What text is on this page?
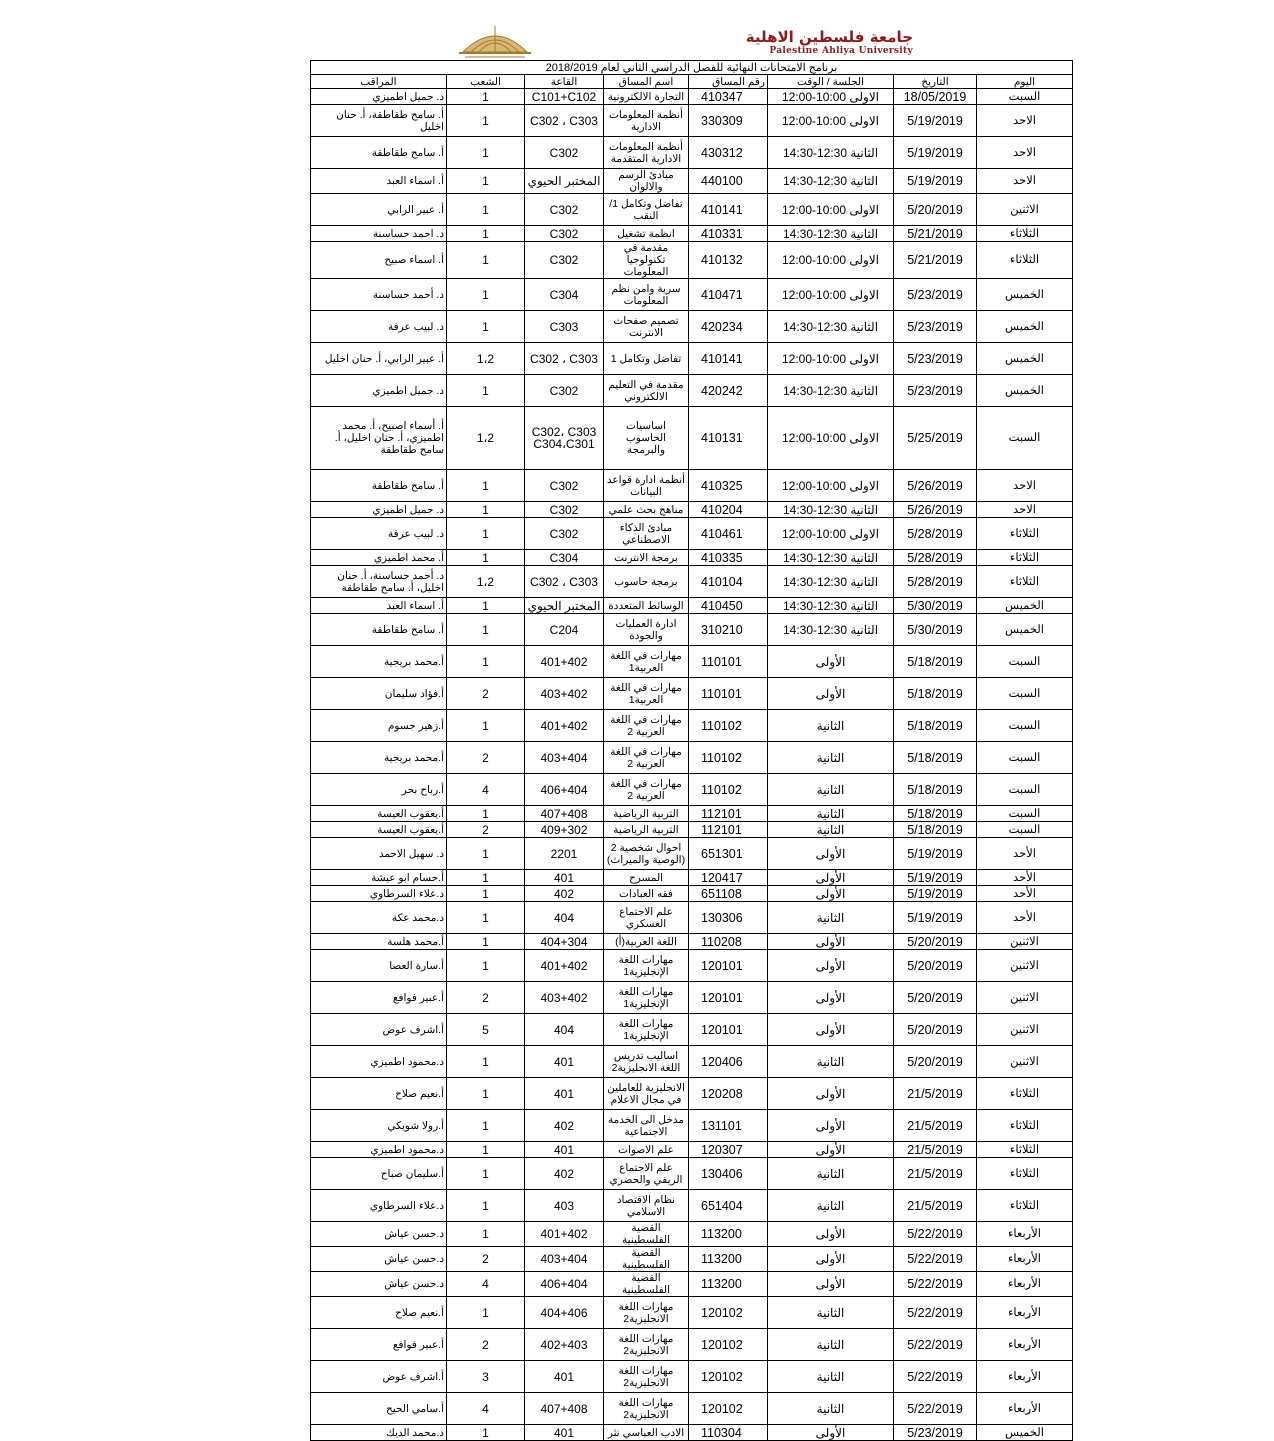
جامعة فلسطين الاهلية
Palestine Ahliya University
برنامج الامتحانات النهائية للفصل الدراسي الثاني لعام 2018/2019							
اليوم	التاريخ	الجلسة / الوقت	رقم المساق	اسم المساق	القاعة	الشعب	المراقب
السبت	18/05/2019	الاولى 10:00-12:00	410347	التجارة الالكترونية	C101+C102	1	د. جميل اطميزي
الاحد	5/19/2019	الاولى 10:00-12:00	330309	أنظمة المعلومات الادارية	C302 ، C303	1	أ. سامح طقاطقة، أ. حنان اخليل
الاحد	5/19/2019	الثانية 12:30-14:30	430312	أنظمة المعلومات الادارية المتقدمة	C302	1	أ. سامح طقاطقة
الاحد	5/19/2019	الثانية 12:30-14:30	440100	مبادئ الرسم والالوان	المختبر الحيوي	1	أ. اسماء العبد
الاثنين	5/20/2019	الاولى 10:00-12:00	410141	تفاضل وتكامل 1/ النقب	C302	1	أ. عبير الرابي
الثلاثاء	5/21/2019	الثانية 12:30-14:30	410331	انظمة تشغيل	C302	1	د. احمد حساسنة
الثلاثاء	5/21/2019	الاولى 10:00-12:00	410132	مقدمة في تكنولوجيا المعلومات	C302	1	أ. اسماء صبيح
الخميس	5/23/2019	الاولى 10:00-12:00	410471	سرية وامن نظم المعلومات	C304	1	د. أحمد حساسنة
الخميس	5/23/2019	الثانية 12:30-14:30	420234	تصميم صفحات الانترنت	C303	1	د. لبيب عرفة
الخميس	5/23/2019	الاولى 10:00-12:00	410141	تفاضل وتكامل 1	C302 ، C303	1،2	أ. عبير الرابي، أ. حنان اخليل
الخميس	5/23/2019	الثانية 12:30-14:30	420242	مقدمة في التعليم الالكتروني	C302	1	د. جميل اطميزي
السبت	5/25/2019	الاولى 10:00-12:00	410131	اساسيات الحاسوب والبرمجة	C302، C303 C304،C301	1،2	أ. أسماء اصبيح، أ. محمد اطميزي، أ. حنان اخليل، أ. سامح طقاطقة
الاحد	5/26/2019	الاولى 10:00-12:00	410325	أنظمة ادارة قواعد البيانات	C302	1	أ. سامح طقاطقة
الاحد	5/26/2019	الثانية 12:30-14:30	410204	مناهج بحث علمي	C302	1	د. جميل اطميزي
الثلاثاء	5/28/2019	الاولى 10:00-12:00	410461	مبادئ الذكاء الاصطناعي	C302	1	د. لبيب عرفة
الثلاثاء	5/28/2019	الثانية 12:30-14:30	410335	برمجة الانترنت	C304	1	أ. محمد اطميزي
الثلاثاء	5/28/2019	الثانية 12:30-14:30	410104	برمجة حاسوب	C302 ، C303	1،2	د. أحمد حساسنة، أ. حنان اخليل، أ. سامح طقاطقة
الخميس	5/30/2019	الثانية 12:30-14:30	410450	الوسائط المتعددة	المختبر الحيوي	1	أ. اسماء العبد
الخميس	5/30/2019	الثانية 12:30-14:30	310210	ادارة العمليات والجودة	C204	1	أ. سامح طقاطقة
السبت	5/18/2019	الأولى	110101	مهارات في اللغة العربية1	401+402	1	أ.محمد بريجية
السبت	5/18/2019	الأولى	110101	مهارات في اللغة العربية1	403+402	2	أ.فؤاد سليمان
السبت	5/18/2019	الثانية	110102	مهارات في اللغة العربية 2	401+402	1	أ.زهير جسوم
السبت	5/18/2019	الثانية	110102	مهارات في اللغة العربية 2	403+404	2	أ.محمد بريجية
السبت	5/18/2019	الثانية	110102	مهارات في اللغة العربية 2	406+404	4	أ.رباح بحر
السبت	5/18/2019	الثانية	112101	التربية الرياضية	407+408	1	أ.يعقوب العيسة
السبت	5/18/2019	الثانية	112101	التربية الرياضية	409+302	2	أ.يعقوب العيسة
الأحد	5/19/2019	الأولى	651301	احوال شخصية 2 (الوصية والميراث)	2201	1	د. سهيل الاحمد
الأحد	5/19/2019	الأولى	120417	المسرح	401	1	أ.حسام ابو عيشة
الأحد	5/19/2019	الأولى	651108	فقه العبادات	402	1	د.علاء السرطاوي
الأحد	5/19/2019	الثانية	130306	علم الاجتماع العسكري	404	1	د.محمد عكة
الاثنين	5/20/2019	الأولى	110208	اللغة العربية(أ)	404+304	1	أ.محمد هلسة
الاثنين	5/20/2019	الأولى	120101	مهارات اللغة الإنجليزية1	401+402	1	أ.سارة العصا
الاثنين	5/20/2019	الأولى	120101	مهارات اللغة الإنجليزية1	403+402	2	أ.عبير فوافع
الاثنين	5/20/2019	الأولى	120101	مهارات اللغة الإنجليزية1	404	5	أ.اشرف عوض
الاثنين	5/20/2019	الثانية	120406	اساليب تدريس اللغة الانجليزية2	401	1	د.محمود اطميزي
الثلاثاء	21/5/2019	الأولى	120208	الانجليزية للعاملين في مجال الاعلام	401	1	أ.نعيم صلاح
الثلاثاء	21/5/2019	الأولى	131101	مدخل الى الخدمة الاجتماعية	402	1	أ.رولا شويكي
الثلاثاء	21/5/2019	الأولى	120307	علم الاصوات	401	1	د.محمود اطميزي
الثلاثاء	21/5/2019	الثانية	130406	علم الاجتماع الريفي والحضري	402	1	أ.سليمان صباح
الثلاثاء	21/5/2019	الثانية	651404	نظام الاقتصاد الاسلامي	403	1	د.علاء السرطاوي
الأربعاء	5/22/2019	الأولى	113200	القضية الفلسطينية	401+402	1	د.حسن عياش
الأربعاء	5/22/2019	الأولى	113200	القضية الفلسطينية	403+404	2	د.حسن عياش
الأربعاء	5/22/2019	الأولى	113200	القضية الفلسطينية	406+404	4	د.حسن عياش
الأربعاء	5/22/2019	الثانية	120102	مهارات اللغة الانجليزية2	404+406	1	أ.نعيم صلاح
الأربعاء	5/22/2019	الثانية	120102	مهارات اللغة الانجليزية2	402+403	2	أ.عبير فوافع
الأربعاء	5/22/2019	الثانية	120102	مهارات اللغة الانجليزية2	401	3	أ.اشرف عوض
الأربعاء	5/22/2019	الثانية	120102	مهارات اللغة الانجليزية2	407+408	4	أ.سامي الحيح
الخميس	5/23/2019	الأولى	110304	الادب العباسي نثر	401	1	د.محمد الديك
